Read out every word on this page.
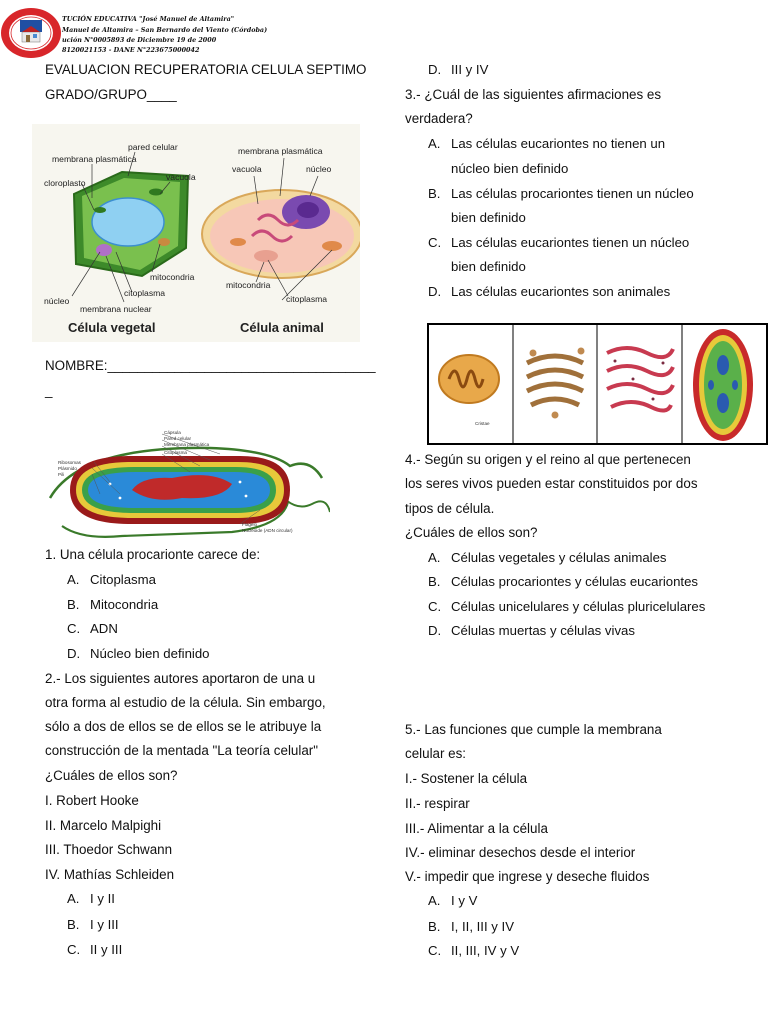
TUCIÓN EDUCATIVA "José Manuel de Altamira"
Manuel de Altamira – San Bernardo del Viento (Córdoba)
ución N°0005893 de Diciembre 19 de 2000
8120021153 - DANE N°223675000042
EVALUACION RECUPERATORIA CELULA SEPTIMO
GRADO/GRUPO____
pared celular
membrana plasmática
cloroplasto
vacuola
mitocondria
citoplasma
núcleo
membrana nuclear
membrana plasmática
vacuola	núcleo
mitocondria
citoplasma
Célula vegetal	Célula animal
NOMBRE:____________________________________
_
Cápsula
Pared celular
Membrana plasmática
Citoplasma
Ribosomas
Plásmido
Pili
Flagelo
Nucleoide (ADN circular)
1. Una célula procarionte carece de:
A. Citoplasma
B. Mitocondria
C. ADN
D. Núcleo bien definido
2.- Los siguientes autores aportaron de una u
otra forma al estudio de la célula. Sin embargo,
sólo a dos de ellos se de ellos se le atribuye la
construcción de la mentada "La teoría celular"
¿Cuáles de ellos son?
I. Robert Hooke
II. Marcelo Malpighi
III. Thoedor Schwann
IV. Mathías Schleiden
A. I y II
B. I y III
C. II y III
D. III y IV
3.- ¿Cuál de las siguientes afirmaciones es
verdadera?
A. Las células eucariontes no tienen un
núcleo bien definido
B. Las células procariontes tienen un núcleo
bien definido
C. Las células eucariontes tienen un núcleo
bien definido
D. Las células eucariontes son animales
Cristae
4.- Según su origen y el reino al que pertenecen
los seres vivos pueden estar constituidos por dos
tipos de célula.
¿Cuáles de ellos son?
A. Células vegetales y células animales
B. Células procariontes y células eucariontes
C. Células unicelulares y células pluricelulares
D. Células muertas y células vivas
5.- Las funciones que cumple la membrana
celular es:
I.- Sostener la célula
II.- respirar
III.- Alimentar a la célula
IV.- eliminar desechos desde el interior
V.- impedir que ingrese y deseche fluidos
A. I y V
B. I, II, III y IV
C. II, III, IV y V
